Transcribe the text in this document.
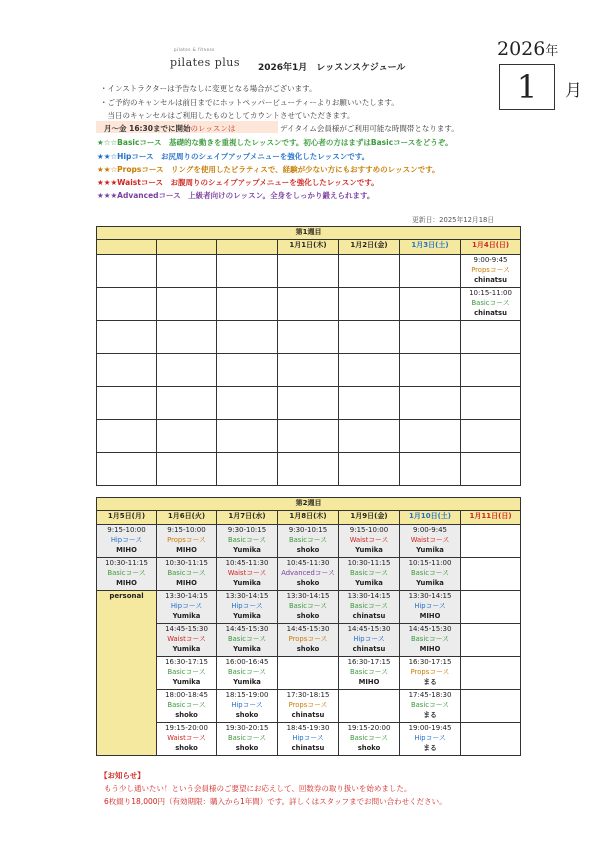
pilates & fitness
pilates plus 2026年1月　レッスンスケジュール
2026年
1	月
・インストラクターは予告なしに変更となる場合がございます。
・ご予約のキャンセルは前日までにホットペッパービューティーよりお願いいたします。
　当日のキャンセルはご利用したものとしてカウントさせていただきます。
月～金 16:30までに開始のレッスンは	デイタイム会員様がご利用可能な時間帯となります。
★☆☆Basicコース　基礎的な動きを重視したレッスンです。初心者の方はまずはBasicコースをどうぞ。
★★☆Hipコース　お尻周りのシェイプアップメニューを強化したレッスンです。
★★☆Propsコース　リングを使用したピラティスで、経験が少ない方にもおすすめのレッスンです。
★★★Waistコース　お腹周りのシェイプアップメニューを強化したレッスンです。
★★★Advancedコース　上級者向けのレッスン。全身をしっかり鍛えられます。
更新日：2025年12月18日
第1週目						
			1月1日(木)	1月2日(金)	1月3日(土)	1月4日(日)

						9:00-9:45
Propsコース
chinatsu

						10:15-11:00
Basicコース
chinatsu

第2週目						
1月5日(月)	1月6日(火)	1月7日(水)	1月8日(木)	1月9日(金)	1月10日(土)	1月11日(日)

9:15-10:00
Hipコース
MIHO	9:15-10:00
Propsコース
MIHO	9:30-10:15
Basicコース
Yumika	9:30-10:15
Basicコース
shoko	9:15-10:00
Waistコース
Yumika	9:00-9:45
Waistコース
Yumika	

10:30-11:15
Basicコース
MIHO	10:30-11:15
Basicコース
MIHO	10:45-11:30
Waistコース
Yumika	10:45-11:30
Advancedコース
shoko	10:30-11:15
Basicコース
Yumika	10:15-11:00
Basicコース
Yumika	

personal	13:30-14:15
Hipコース
Yumika	13:30-14:15
Hipコース
Yumika	13:30-14:15
Basicコース
shoko	13:30-14:15
Basicコース
chinatsu	13:30-14:15
Hipコース
MIHO	

	14:45-15:30
Waistコース
Yumika	14:45-15:30
Basicコース
Yumika	14:45-15:30
Propsコース
shoko	14:45-15:30
Hipコース
chinatsu	14:45-15:30
Basicコース
MIHO	

	16:30-17:15
Basicコース
Yumika	16:00-16:45
Basicコース
Yumika		16:30-17:15
Basicコース
MIHO	16:30-17:15
Propsコース
まる	

	18:00-18:45
Basicコース
shoko	18:15-19:00
Hipコース
shoko	17:30-18:15
Propsコース
chinatsu		17:45-18:30
Basicコース
まる	

	19:15-20:00
Waistコース
shoko	19:30-20:15
Basicコース
shoko	18:45-19:30
Hipコース
chinatsu	19:15-20:00
Basicコース
shoko	19:00-19:45
Hipコース
まる	

【お知らせ】
もう少し通いたい！という会員様のご要望にお応えして、回数券の取り扱いを始めました。
6枚綴り18,000円（有効期限：購入から1年間）です。詳しくはスタッフまでお問い合わせください。
